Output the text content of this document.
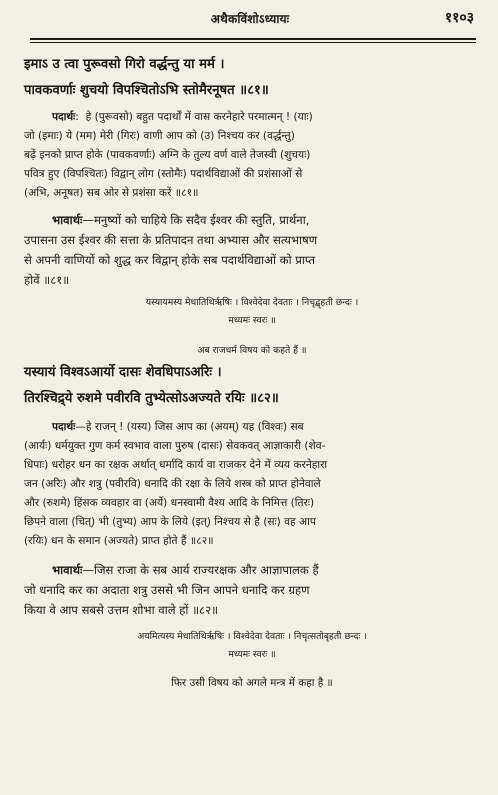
अथैकविंशोऽध्यायः	११०३
इमाऽ उ त्वा पुरूवसो गिरो वर्द्धन्तु या मर्म ।
पावकवर्णाः शुचयो विपश्चितोऽभि स्तोमैरनूषत ॥८१॥
पदार्थः:  हे (पुरूवसो) बहुत पदार्थों में वास करनेहारे परमात्मन् ! (याः)
जो (इमाः) ये (मम) मेरी (गिरः) वाणी आप को (उ) निश्चय कर (वर्द्धन्तु)
बढ़ें इनको प्राप्त होके (पावकवर्णाः) अग्नि के तुल्य वर्ण वाले तेजस्वी (शुचयः)
पवित्र हुए (विपश्चितः) विद्वान् लोग (स्तोमैः) पदार्थविद्याओं की प्रशंसाओं से
(अभि, अनूषत) सब ओर से प्रशंसा करें ॥८१॥
भावार्थः—मनुष्यों को चाहिये कि सदैव ईश्वर की स्तुति, प्रार्थना,
उपासना उस ईश्वर की सत्ता के प्रतिपादन तथा अभ्यास और सत्यभाषण
से अपनी वाणियों को शुद्ध कर विद्वान् होके सब पदार्थविद्याओं को प्राप्त
होवें ॥८१॥
यस्यायमस्य मेधातिथिर्ऋषिः । विश्वेदेवा देवताः । निचृद्बृहती छन्दः ।
मध्यमः स्वरः ॥
अब राजधर्म विषय को कहते हैं ॥
यस्यायं विश्वऽआर्यो दासः शेवधिपाऽअरिः ।
तिरश्चिद्र्ये रुशमे पवीरवि तुभ्येत्सोऽअज्यते रयिः ॥८२॥
पदार्थः—हे राजन् ! (यस्य) जिस आप का (अयम्) यह (विश्वः) सब
(आर्यः) धर्मयुक्त गुण कर्म स्वभाव वाला पुरुष (दासः) सेवकवत् आज्ञाकारी (शेव-
धिपाः) धरोहर धन का रक्षक अर्थात् धर्मादि कार्य वा राजकर देने में व्यय करनेहारा
जन (अरिः) और शत्रु (पवीरवि) धनादि की रक्षा के लिये शस्त्र को प्राप्त होनेवाले
और (रुशमे) हिंसक व्यवहार वा (अर्ये) धनस्वामी वैश्य आदि के निमित्त (तिरः)
छिपने वाला (चित्) भी (तुभ्य) आप के लिये (इत्) निश्चय से है (सः) वह आप
(रयिः) धन के समान (अज्यते) प्राप्त होते हैं ॥८२॥
भावार्थः—जिस राजा के सब आर्य राज्यरक्षक और आज्ञापालक हैं
जो धनादि कर का अदाता शत्रु उससे भी जिन आपने धनादि कर ग्रहण
किया वे आप सबसे उत्तम शोभा वाले हों ॥८२॥
अयमित्यस्य मेधातिथिर्ऋषिः । विश्वेदेवा देवताः । निचृत्सतोबृहती छन्दः ।
मध्यमः स्वरः ॥
फिर उसी विषय को अगले मन्त्र में कहा है ॥
